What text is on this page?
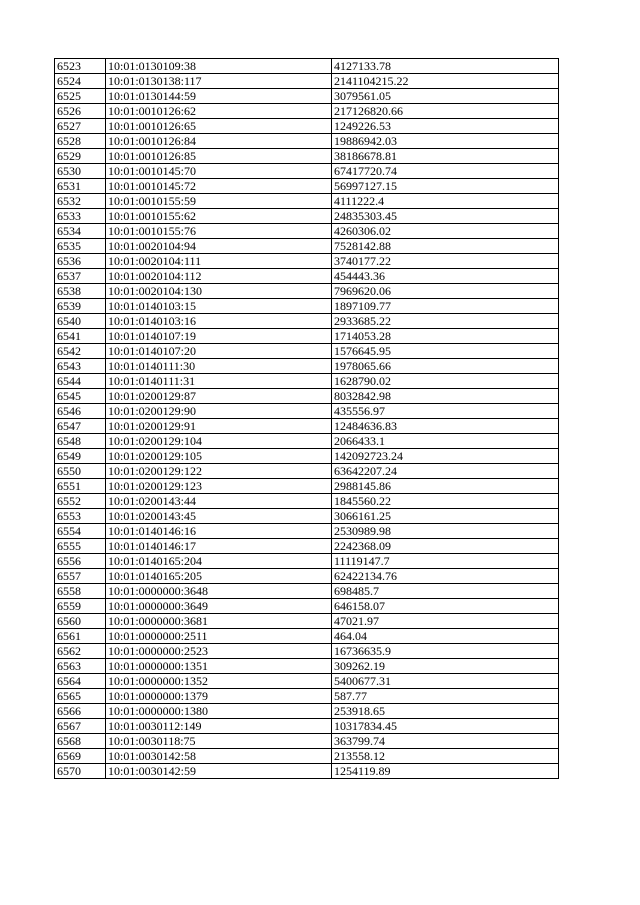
6523	10:01:0130109:38	4127133.78
6524	10:01:0130138:117	2141104215.22
6525	10:01:0130144:59	3079561.05
6526	10:01:0010126:62	217126820.66
6527	10:01:0010126:65	1249226.53
6528	10:01:0010126:84	19886942.03
6529	10:01:0010126:85	38186678.81
6530	10:01:0010145:70	67417720.74
6531	10:01:0010145:72	56997127.15
6532	10:01:0010155:59	4111222.4
6533	10:01:0010155:62	24835303.45
6534	10:01:0010155:76	4260306.02
6535	10:01:0020104:94	7528142.88
6536	10:01:0020104:111	3740177.22
6537	10:01:0020104:112	454443.36
6538	10:01:0020104:130	7969620.06
6539	10:01:0140103:15	1897109.77
6540	10:01:0140103:16	2933685.22
6541	10:01:0140107:19	1714053.28
6542	10:01:0140107:20	1576645.95
6543	10:01:0140111:30	1978065.66
6544	10:01:0140111:31	1628790.02
6545	10:01:0200129:87	8032842.98
6546	10:01:0200129:90	435556.97
6547	10:01:0200129:91	12484636.83
6548	10:01:0200129:104	2066433.1
6549	10:01:0200129:105	142092723.24
6550	10:01:0200129:122	63642207.24
6551	10:01:0200129:123	2988145.86
6552	10:01:0200143:44	1845560.22
6553	10:01:0200143:45	3066161.25
6554	10:01:0140146:16	2530989.98
6555	10:01:0140146:17	2242368.09
6556	10:01:0140165:204	11119147.7
6557	10:01:0140165:205	62422134.76
6558	10:01:0000000:3648	698485.7
6559	10:01:0000000:3649	646158.07
6560	10:01:0000000:3681	47021.97
6561	10:01:0000000:2511	464.04
6562	10:01:0000000:2523	16736635.9
6563	10:01:0000000:1351	309262.19
6564	10:01:0000000:1352	5400677.31
6565	10:01:0000000:1379	587.77
6566	10:01:0000000:1380	253918.65
6567	10:01:0030112:149	10317834.45
6568	10:01:0030118:75	363799.74
6569	10:01:0030142:58	213558.12
6570	10:01:0030142:59	1254119.89
